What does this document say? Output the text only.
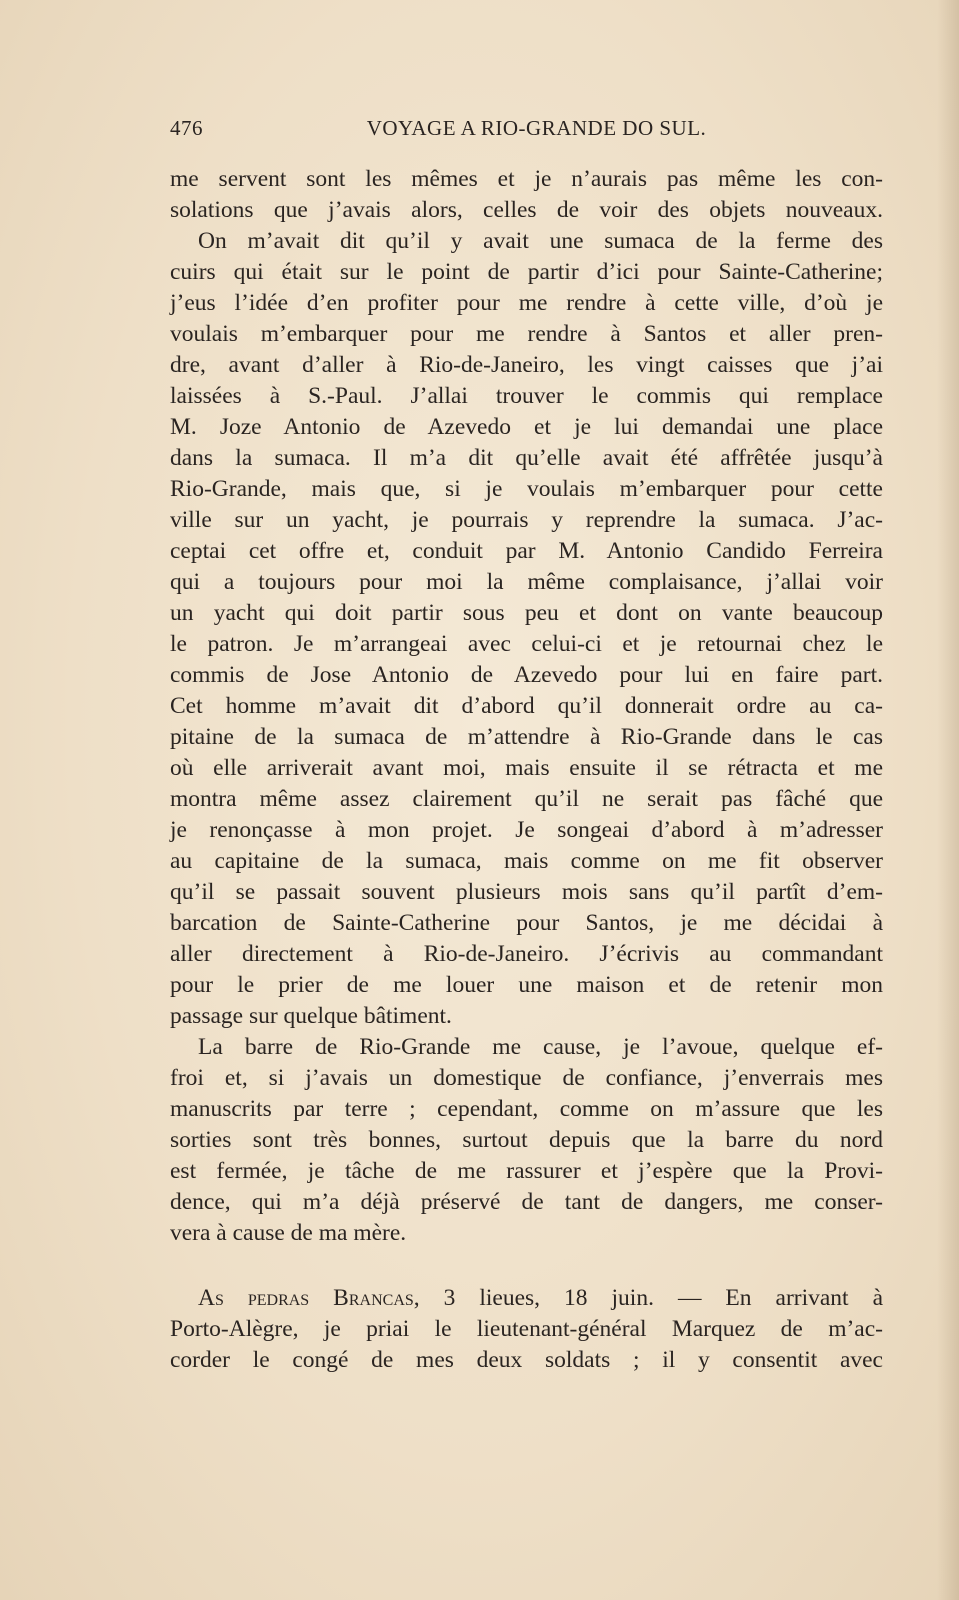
476	VOYAGE A RIO-GRANDE DO SUL.
me servent sont les mêmes et je n’aurais pas même les con-
solations que j’avais alors, celles de voir des objets nouveaux.
On m’avait dit qu’il y avait une sumaca de la ferme des
cuirs qui était sur le point de partir d’ici pour Sainte-Catherine;
j’eus l’idée d’en profiter pour me rendre à cette ville, d’où je
voulais m’embarquer pour me rendre à Santos et aller pren-
dre, avant d’aller à Rio-de-Janeiro, les vingt caisses que j’ai
laissées à S.-Paul. J’allai trouver le commis qui remplace
M. Joze Antonio de Azevedo et je lui demandai une place
dans la sumaca. Il m’a dit qu’elle avait été affrêtée jusqu’à
Rio-Grande, mais que, si je voulais m’embarquer pour cette
ville sur un yacht, je pourrais y reprendre la sumaca. J’ac-
ceptai cet offre et, conduit par M. Antonio Candido Ferreira
qui a toujours pour moi la même complaisance, j’allai voir
un yacht qui doit partir sous peu et dont on vante beaucoup
le patron. Je m’arrangeai avec celui-ci et je retournai chez le
commis de Jose Antonio de Azevedo pour lui en faire part.
Cet homme m’avait dit d’abord qu’il donnerait ordre au ca-
pitaine de la sumaca de m’attendre à Rio-Grande dans le cas
où elle arriverait avant moi, mais ensuite il se rétracta et me
montra même assez clairement qu’il ne serait pas fâché que
je renonçasse à mon projet. Je songeai d’abord à m’adresser
au capitaine de la sumaca, mais comme on me fit observer
qu’il se passait souvent plusieurs mois sans qu’il partît d’em-
barcation de Sainte-Catherine pour Santos, je me décidai à
aller directement à Rio-de-Janeiro. J’écrivis au commandant
pour le prier de me louer une maison et de retenir mon
passage sur quelque bâtiment.
La barre de Rio-Grande me cause, je l’avoue, quelque ef-
froi et, si j’avais un domestique de confiance, j’enverrais mes
manuscrits par terre ; cependant, comme on m’assure que les
sorties sont très bonnes, surtout depuis que la barre du nord
est fermée, je tâche de me rassurer et j’espère que la Provi-
dence, qui m’a déjà préservé de tant de dangers, me conser-
vera à cause de ma mère.
As pedras Brancas, 3 lieues, 18 juin. — En arrivant à
Porto-Alègre, je priai le lieutenant-général Marquez de m’ac-
corder le congé de mes deux soldats ; il y consentit avec
